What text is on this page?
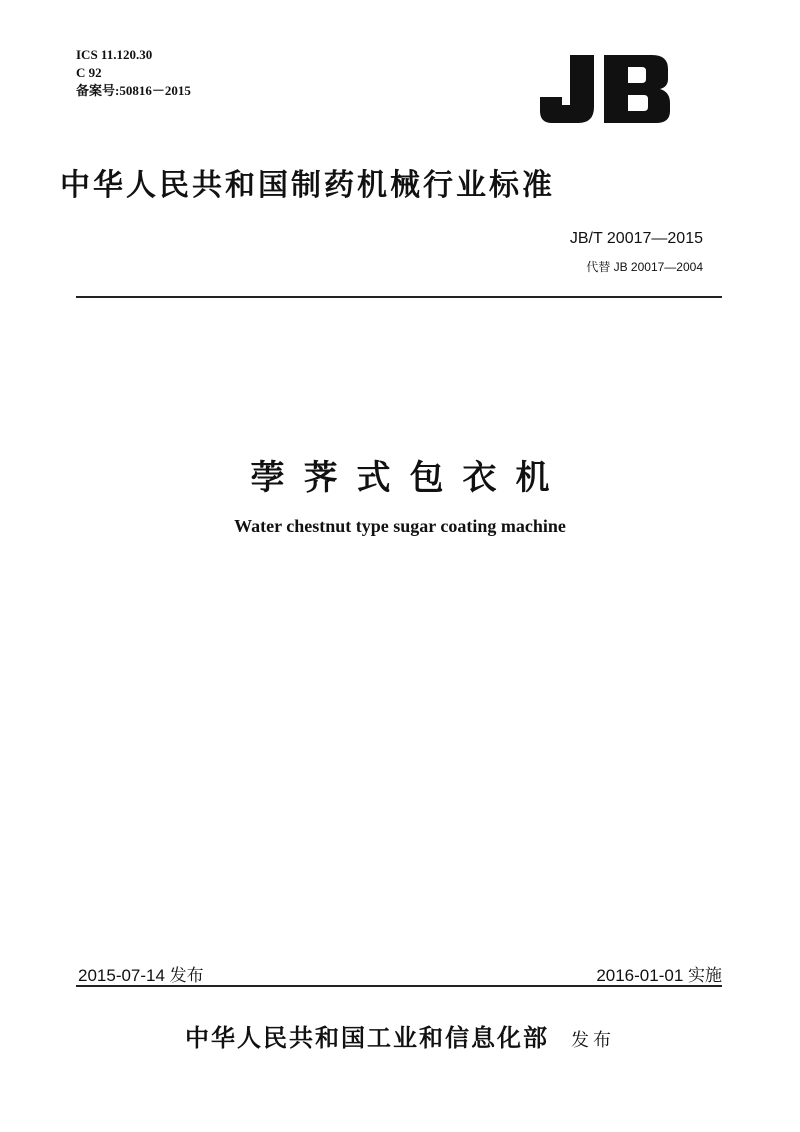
ICS 11.120.30
C 92
备案号:50816－2015
中华人民共和国制药机械行业标准
JB/T 20017—2015
代替 JB 20017—2004
荸荠式包衣机
Water chestnut type sugar coating machine
2015-07-14 发布	2016-01-01 实施
中华人民共和国工业和信息化部 发布
